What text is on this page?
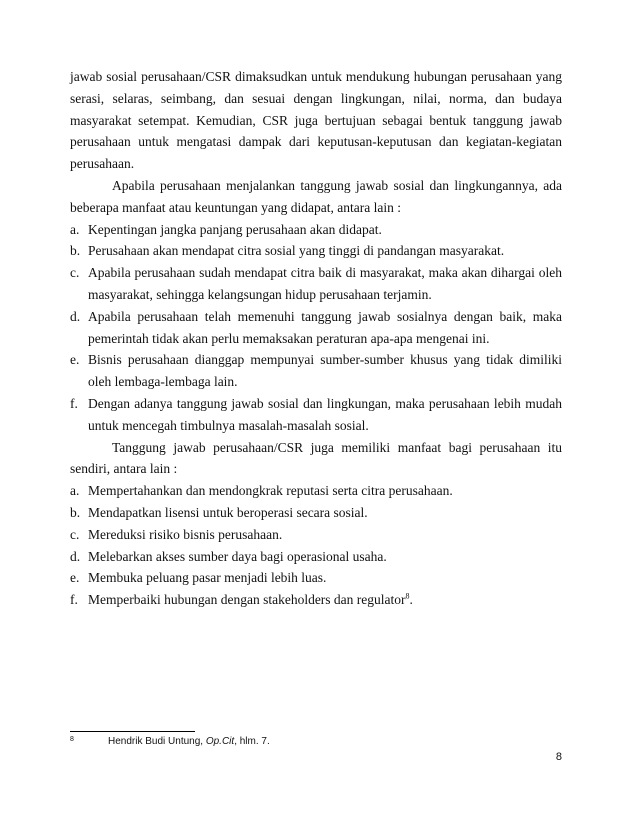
jawab sosial perusahaan/CSR dimaksudkan untuk mendukung hubungan perusahaan yang serasi, selaras, seimbang, dan sesuai dengan lingkungan, nilai, norma, dan budaya masyarakat setempat. Kemudian, CSR juga bertujuan sebagai bentuk tanggung jawab perusahaan untuk mengatasi dampak dari keputusan-keputusan dan kegiatan-kegiatan perusahaan.

Apabila perusahaan menjalankan tanggung jawab sosial dan lingkungannya, ada beberapa manfaat atau keuntungan yang didapat, antara lain :

a. Kepentingan jangka panjang perusahaan akan didapat.
b. Perusahaan akan mendapat citra sosial yang tinggi di pandangan masyarakat.
c. Apabila perusahaan sudah mendapat citra baik di masyarakat, maka akan dihargai oleh masyarakat, sehingga kelangsungan hidup perusahaan terjamin.
d. Apabila perusahaan telah memenuhi tanggung jawab sosialnya dengan baik, maka pemerintah tidak akan perlu memaksakan peraturan apa-apa mengenai ini.
e. Bisnis perusahaan dianggap mempunyai sumber-sumber khusus yang tidak dimiliki oleh lembaga-lembaga lain.
f. Dengan adanya tanggung jawab sosial dan lingkungan, maka perusahaan lebih mudah untuk mencegah timbulnya masalah-masalah sosial.

Tanggung jawab perusahaan/CSR juga memiliki manfaat bagi perusahaan itu sendiri, antara lain :

a. Mempertahankan dan mendongkrak reputasi serta citra perusahaan.
b. Mendapatkan lisensi untuk beroperasi secara sosial.
c. Mereduksi risiko bisnis perusahaan.
d. Melebarkan akses sumber daya bagi operasional usaha.
e. Membuka peluang pasar menjadi lebih luas.
f. Memperbaiki hubungan dengan stakeholders dan regulator$^8$.
8	Hendrik Budi Untung, Op.Cit, hlm. 7.
8
